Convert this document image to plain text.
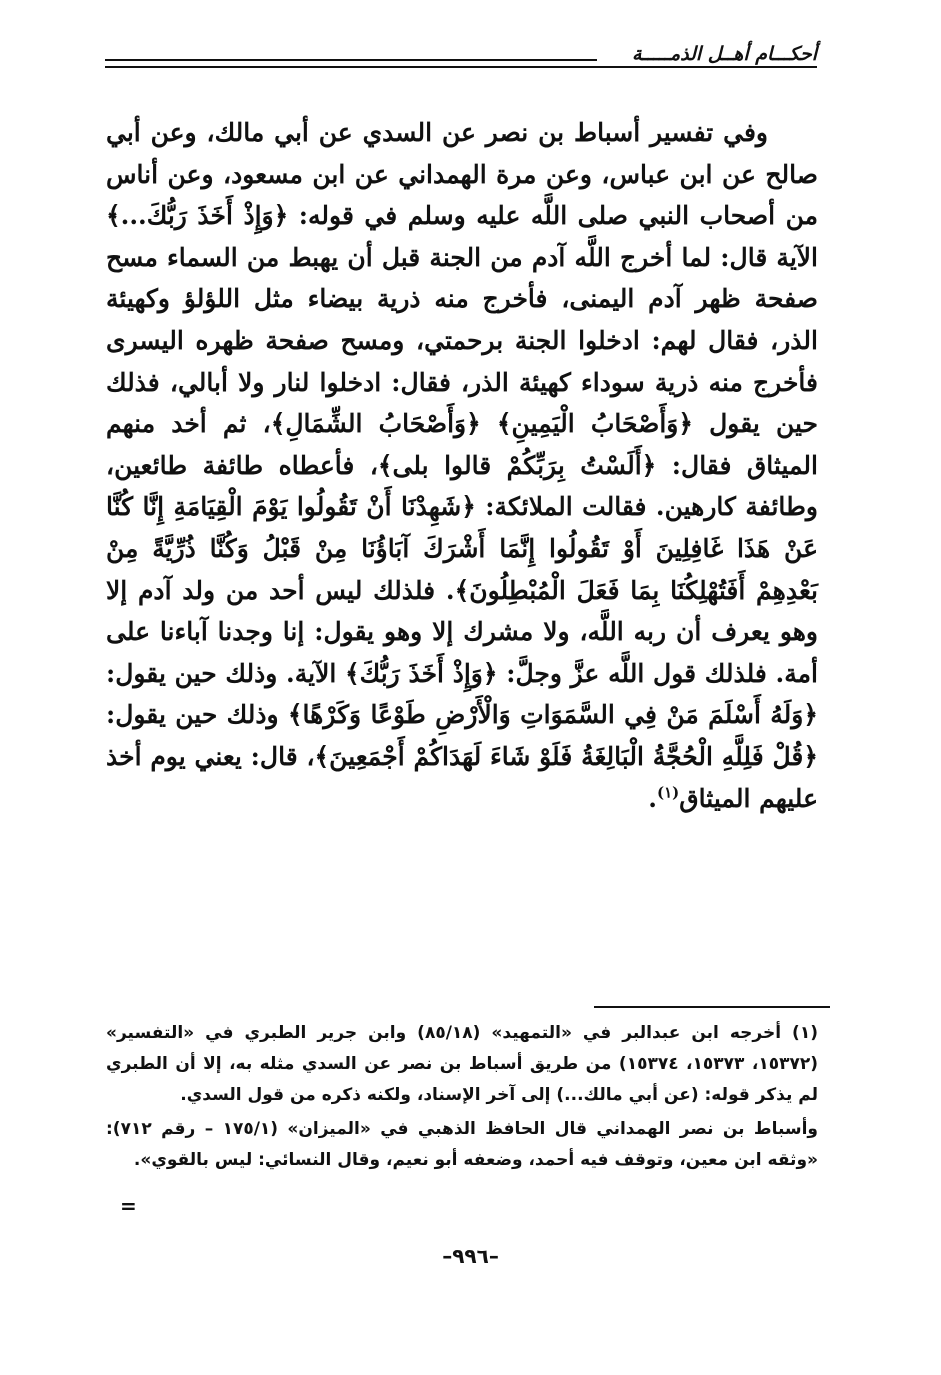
أحكـــام أهــل الذمـــــة

وفي تفسير أسباط بن نصر عن السدي عن أبي مالك، وعن أبي صالح عن ابن عباس، وعن مرة الهمداني عن ابن مسعود، وعن أناس من أصحاب النبي صلى اللَّه عليه وسلم في قوله: ﴿وَإِذْ أَخَذَ رَبُّكَ...﴾ الآية قال: لما أخرج اللَّه آدم من الجنة قبل أن يهبط من السماء مسح صفحة ظهر آدم اليمنى، فأخرج منه ذرية بيضاء مثل اللؤلؤ وكهيئة الذر، فقال لهم: ادخلوا الجنة برحمتي، ومسح صفحة ظهره اليسرى فأخرج منه ذرية سوداء كهيئة الذر، فقال: ادخلوا لنار ولا أبالي، فذلك حين يقول ﴿وَأَصْحَابُ الْيَمِينِ﴾ ﴿وَأَصْحَابُ الشِّمَالِ﴾، ثم أخد منهم الميثاق فقال: ﴿أَلَسْتُ بِرَبِّكُمْ قالوا بلى﴾، فأعطاه طائفة طائعين، وطائفة كارهين. فقالت الملائكة: ﴿شَهِدْنَا أَنْ تَقُولُوا يَوْمَ الْقِيَامَةِ إِنَّا كُنَّا عَنْ هَذَا غَافِلِينَ أَوْ تَقُولُوا إِنَّمَا أَشْرَكَ آبَاؤُنَا مِنْ قَبْلُ وَكُنَّا ذُرِّيَّةً مِنْ بَعْدِهِمْ أَفَتُهْلِكُنَا بِمَا فَعَلَ الْمُبْطِلُونَ﴾. فلذلك ليس أحد من ولد آدم إلا وهو يعرف أن ربه اللَّه، ولا مشرك إلا وهو يقول: إنا وجدنا آباءنا على أمة. فلذلك قول اللَّه عزَّ وجلَّ: ﴿وَإِذْ أَخَذَ رَبُّكَ﴾ الآية. وذلك حين يقول: ﴿وَلَهُ أَسْلَمَ مَنْ فِي السَّمَوَاتِ وَالْأَرْضِ طَوْعًا وَكَرْهًا﴾ وذلك حين يقول: ﴿قُلْ فَلِلَّهِ الْحُجَّةُ الْبَالِغَةُ فَلَوْ شَاءَ لَهَدَاكُمْ أَجْمَعِينَ﴾، قال: يعني يوم أخذ عليهم الميثاق$^{(١)}$.

(١) أخرجه ابن عبدالبر في «التمهيد» (٨٥/١٨) وابن جرير الطبري في «التفسير» (١٥٣٧٢، ١٥٣٧٣، ١٥٣٧٤) من طريق أسباط بن نصر عن السدي مثله به، إلا أن الطبري لم يذكر قوله: (عن أبي مالك...) إلى آخر الإسناد، ولكنه ذكره من قول السدي.

وأسباط بن نصر الهمداني قال الحافظ الذهبي في «الميزان» (١٧٥/١ – رقم ٧١٢): «وثقه ابن معين، وتوقف فيه أحمد، وضعفه أبو نعيم، وقال النسائي: ليس بالقوي».

=
–٩٩٦–
